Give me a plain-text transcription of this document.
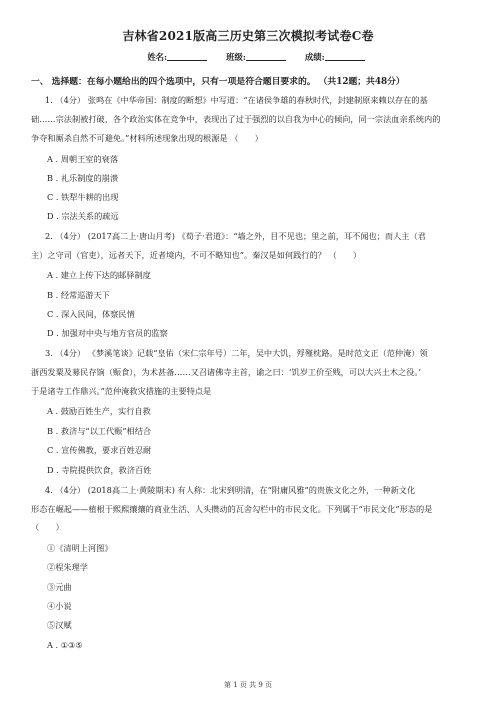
吉林省2021版高三历史第三次模拟考试卷C卷
姓名:	班级:	成绩:
一、 选择题：在每小题给出的四个选项中，只有一项是符合题目要求的。 （共12题；共48分）
1. （4分） 张鸣在《中华帝国：制度的断想》中写道：“在诸侯争雄的春秋时代，封建制原来赖以存在的基
础……宗法制被打破，各个政治实体在竞争中，表现出了过于强烈的以自我为中心的倾向，同一宗法血亲系统内的
争夺和厮杀自然不可避免。”材料所述现象出现的根源是 （　　）
A . 周朝王室的衰落
B . 礼乐制度的崩溃
C . 铁犁牛耕的出现
D . 宗法关系的疏远
2. （4分） (2017高二上·唐山月考) 《荀子·君道》：“墙之外，目不见也；里之前，耳不闻也；而人主（君
主）之守司（官吏），远者天下，近者境内，不可不略知也”。秦汉是如何践行的？ （　　）
A . 建立上传下达的邮驿制度
B . 经常巡游天下
C . 深入民间，体察民情
D . 加强对中央与地方官员的监察
3. （4分） 《梦溪笔谈》记载“皇佑（宋仁宗年号）二年，吴中大饥，殍殣枕路。是时范文正（范仲淹）领
浙西发粟及募民存饷（赈食），为术甚备……又召诸佛寺主首，谕之曰：‘饥岁工价至贱，可以大兴土木之役。’
于是诸寺工作鼎兴。”范仲淹救灾措施的主要特点是
A . 鼓励百姓生产，实行自救
B . 救济与“以工代赈”相结合
C . 宣传佛教，要求百姓忍耐
D . 寺院提供饮食，救济百姓
4. （4分） (2018高二上·黄陵期末) 有人称：北宋到明清，在“附庸风雅”的贵族文化之外，一种新文化
形态在崛起——植根于熙熙攘攘的商业生活、人头攒动的瓦舍勾栏中的市民文化。下列属于“市民文化”形态的是
（　　）
①《清明上河图》
②程朱理学
③元曲
④小说
⑤汉赋
A . ①③⑤
第 1 页 共 9 页
